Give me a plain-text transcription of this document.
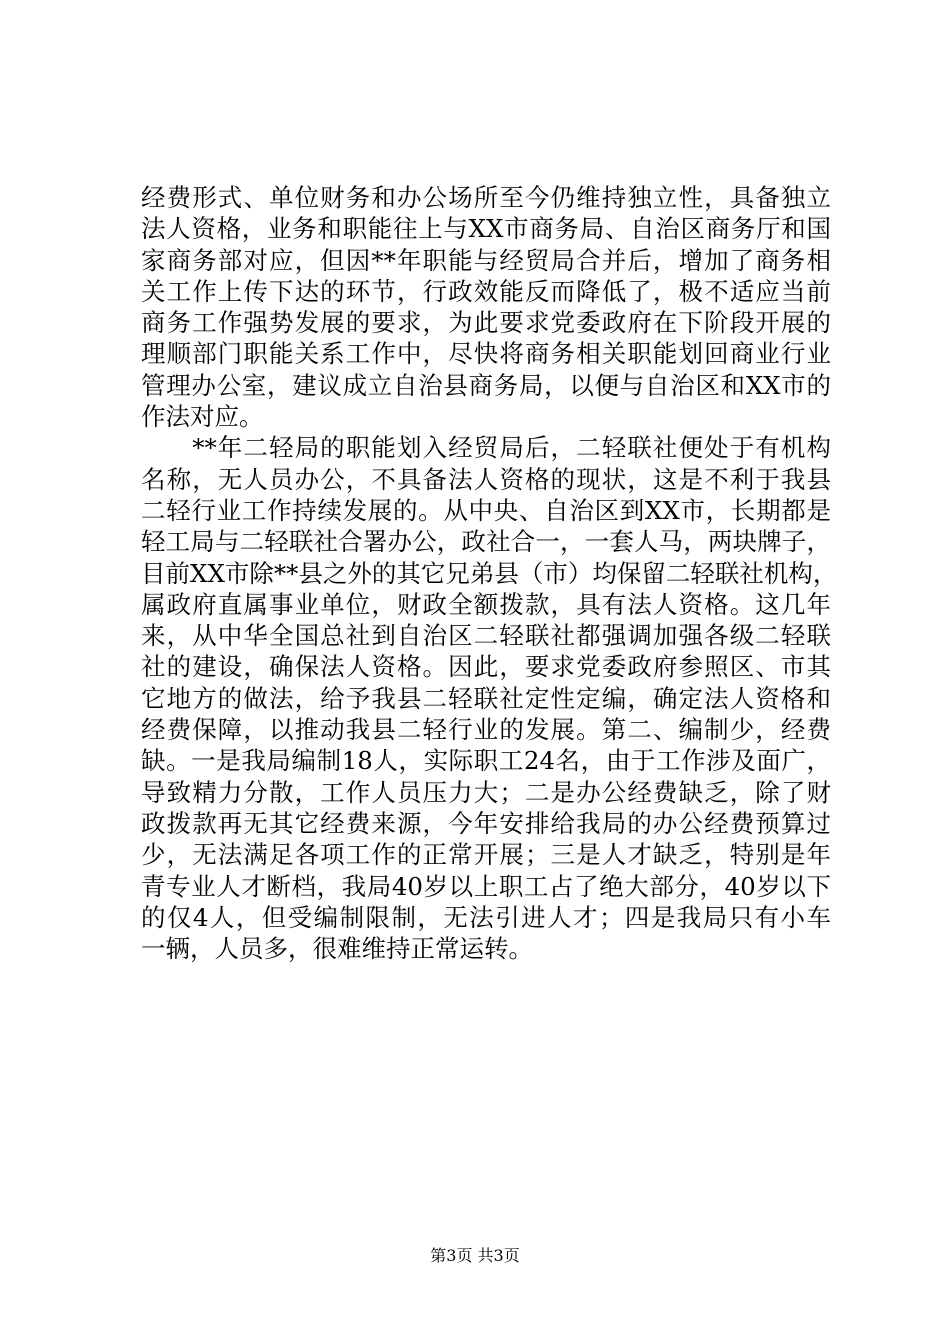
经费形式、单位财务和办公场所至今仍维持独立性，具备独立
法人资格，业务和职能往上与XX市商务局、自治区商务厅和国
家商务部对应，但因**年职能与经贸局合并后，增加了商务相
关工作上传下达的环节，行政效能反而降低了，极不适应当前
商务工作强势发展的要求，为此要求党委政府在下阶段开展的
理顺部门职能关系工作中，尽快将商务相关职能划回商业行业
管理办公室，建议成立自治县商务局，以便与自治区和XX市的
作法对应。
　　**年二轻局的职能划入经贸局后，二轻联社便处于有机构
名称，无人员办公，不具备法人资格的现状，这是不利于我县
二轻行业工作持续发展的。从中央、自治区到XX市，长期都是
轻工局与二轻联社合署办公，政社合一，一套人马，两块牌子，
目前XX市除**县之外的其它兄弟县（市）均保留二轻联社机构，
属政府直属事业单位，财政全额拨款，具有法人资格。这几年
来，从中华全国总社到自治区二轻联社都强调加强各级二轻联
社的建设，确保法人资格。因此，要求党委政府参照区、市其
它地方的做法，给予我县二轻联社定性定编，确定法人资格和
经费保障，以推动我县二轻行业的发展。第二、编制少，经费
缺。一是我局编制18人，实际职工24名，由于工作涉及面广，
导致精力分散，工作人员压力大；二是办公经费缺乏，除了财
政拨款再无其它经费来源，今年安排给我局的办公经费预算过
少，无法满足各项工作的正常开展；三是人才缺乏，特别是年
青专业人才断档，我局40岁以上职工占了绝大部分，40岁以下
的仅4人，但受编制限制，无法引进人才；四是我局只有小车
一辆，人员多，很难维持正常运转。
第3页 共3页
